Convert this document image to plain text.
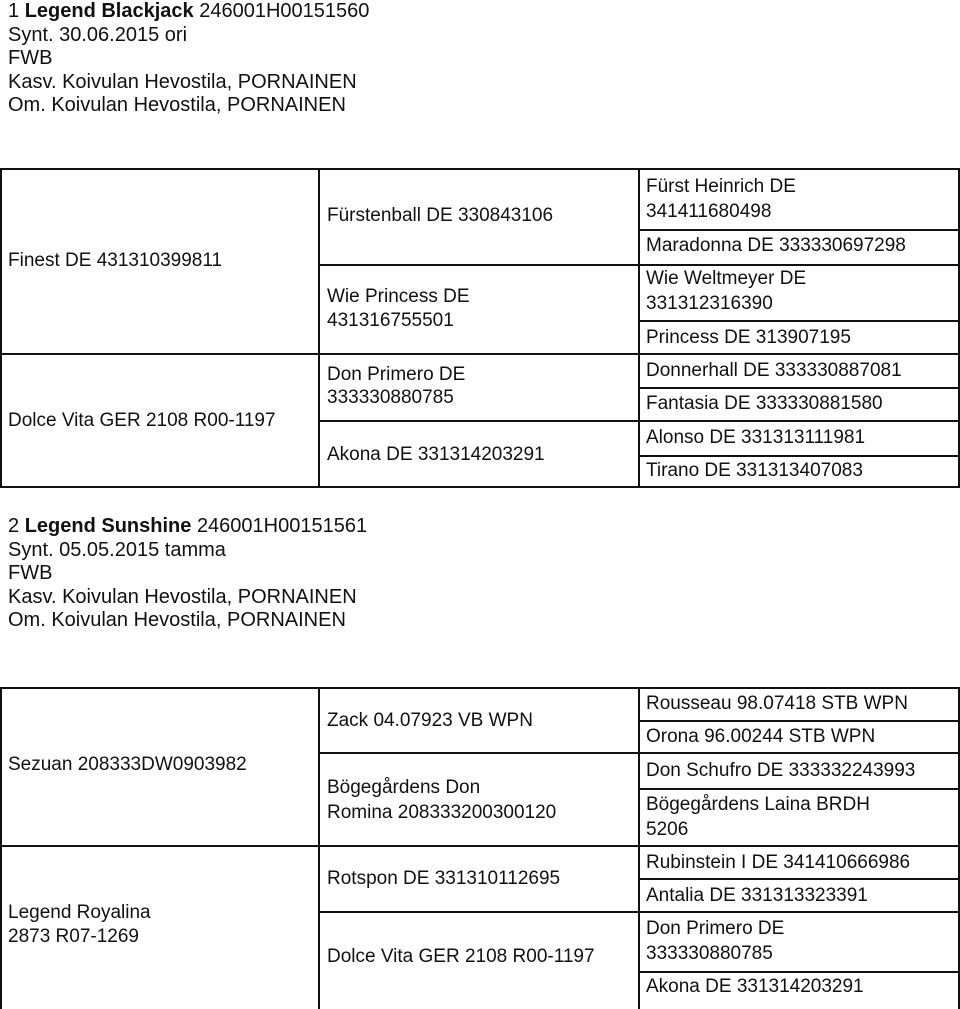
1 Legend Blackjack 246001H00151560
Synt. 30.06.2015 ori
FWB
Kasv. Koivulan Hevostila, PORNAINEN
Om. Koivulan Hevostila, PORNAINEN
Finest DE 431310399811
Dolce Vita GER 2108 R00-1197
Fürstenball DE 330843106
Wie Princess DE
431316755501
Don Primero DE
333330880785
Akona DE 331314203291
Fürst Heinrich DE
341411680498
Maradonna DE 333330697298
Wie Weltmeyer DE
331312316390
Princess DE 313907195
Donnerhall DE 333330887081
Fantasia DE 333330881580
Alonso DE 331313111981
Tirano DE 331313407083
2 Legend Sunshine 246001H00151561
Synt. 05.05.2015 tamma
FWB
Kasv. Koivulan Hevostila, PORNAINEN
Om. Koivulan Hevostila, PORNAINEN
Sezuan 208333DW0903982
Legend Royalina
2873 R07-1269
Zack 04.07923 VB WPN
Bögegårdens Don
Romina 208333200300120
Rotspon DE 331310112695
Dolce Vita GER 2108 R00-1197
Rousseau 98.07418 STB WPN
Orona 96.00244 STB WPN
Don Schufro DE 333332243993
Bögegårdens Laina BRDH
5206
Rubinstein I DE 341410666986
Antalia DE 331313323391
Don Primero DE
333330880785
Akona DE 331314203291
